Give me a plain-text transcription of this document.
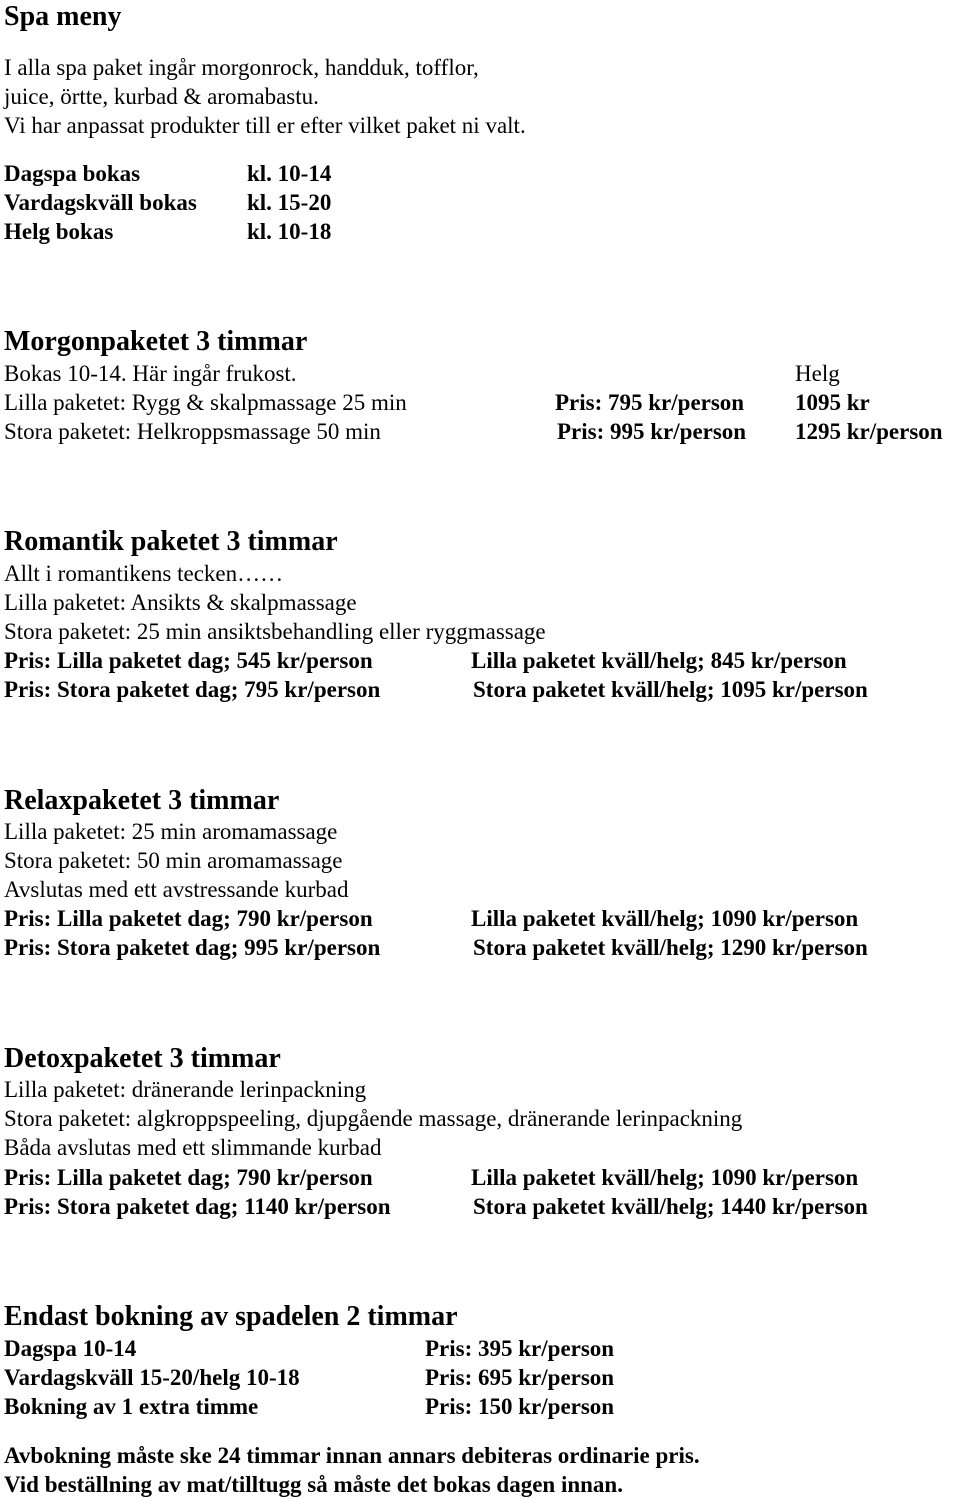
Spa meny
I alla spa paket ingår morgonrock, handduk, tofflor,
juice, örtte, kurbad & aromabastu.
Vi har anpassat produkter till er efter vilket paket ni valt.
Dagspa bokas	kl. 10-14
Vardagskväll bokas kl. 15-20
Helg bokas	kl. 10-18
Morgonpaketet 3 timmar
Bokas 10-14. Här ingår frukost.	Helg
Lilla paketet: Rygg & skalpmassage 25 min	Pris: 795 kr/person 1095 kr
Stora paketet: Helkroppsmassage 50 min	Pris: 995 kr/person 1295 kr/person
Romantik paketet 3 timmar
Allt i romantikens tecken……
Lilla paketet: Ansikts & skalpmassage
Stora paketet: 25 min ansiktsbehandling eller ryggmassage
Pris: Lilla paketet dag; 545 kr/person	Lilla paketet kväll/helg; 845 kr/person
Pris: Stora paketet dag; 795 kr/person	Stora paketet kväll/helg; 1095 kr/person
Relaxpaketet 3 timmar
Lilla paketet: 25 min aromamassage
Stora paketet: 50 min aromamassage
Avslutas med ett avstressande kurbad
Pris: Lilla paketet dag; 790 kr/person	Lilla paketet kväll/helg; 1090 kr/person
Pris: Stora paketet dag; 995 kr/person	Stora paketet kväll/helg; 1290 kr/person
Detoxpaketet 3 timmar
Lilla paketet: dränerande lerinpackning
Stora paketet: algkroppspeeling, djupgående massage, dränerande lerinpackning
Båda avslutas med ett slimmande kurbad
Pris: Lilla paketet dag; 790 kr/person	Lilla paketet kväll/helg; 1090 kr/person
Pris: Stora paketet dag; 1140 kr/person	Stora paketet kväll/helg; 1440 kr/person
Endast bokning av spadelen 2 timmar
Dagspa 10-14	Pris: 395 kr/person
Vardagskväll 15-20/helg 10-18	Pris: 695 kr/person
Bokning av 1 extra timme	Pris: 150 kr/person
Avbokning måste ske 24 timmar innan annars debiteras ordinarie pris.
Vid beställning av mat/tilltugg så måste det bokas dagen innan.
